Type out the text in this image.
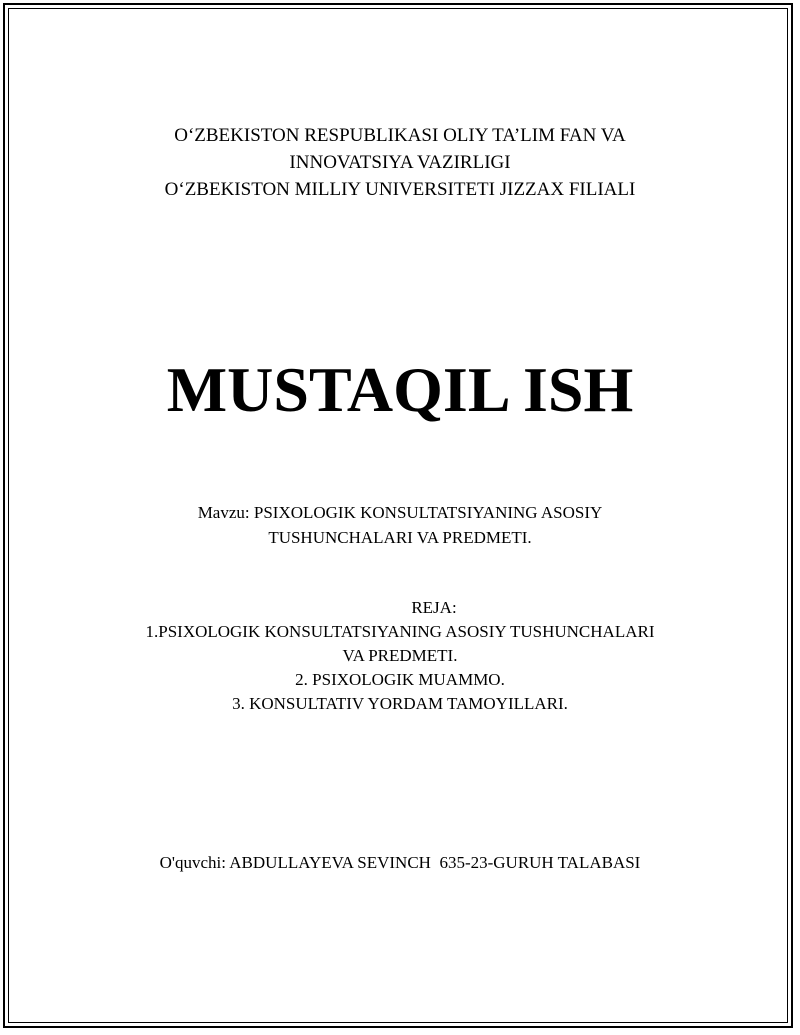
O‘ZBEKISTON RESPUBLIKASI OLIY TA’LIM FAN VA
INNOVATSIYA VAZIRLIGI
O‘ZBEKISTON MILLIY UNIVERSITETI JIZZAX FILIALI
MUSTAQIL ISH
Mavzu: PSIXOLOGIK KONSULTATSIYANING ASOSIY
TUSHUNCHALARI VA PREDMETI.
REJA:
1.PSIXOLOGIK KONSULTATSIYANING ASOSIY TUSHUNCHALARI
VA PREDMETI.
2. PSIXOLOGIK MUAMMO.
3. KONSULTATIV YORDAM TAMOYILLARI.
O'quvchi: ABDULLAYEVA SEVINCH  635-23-GURUH TALABASI
